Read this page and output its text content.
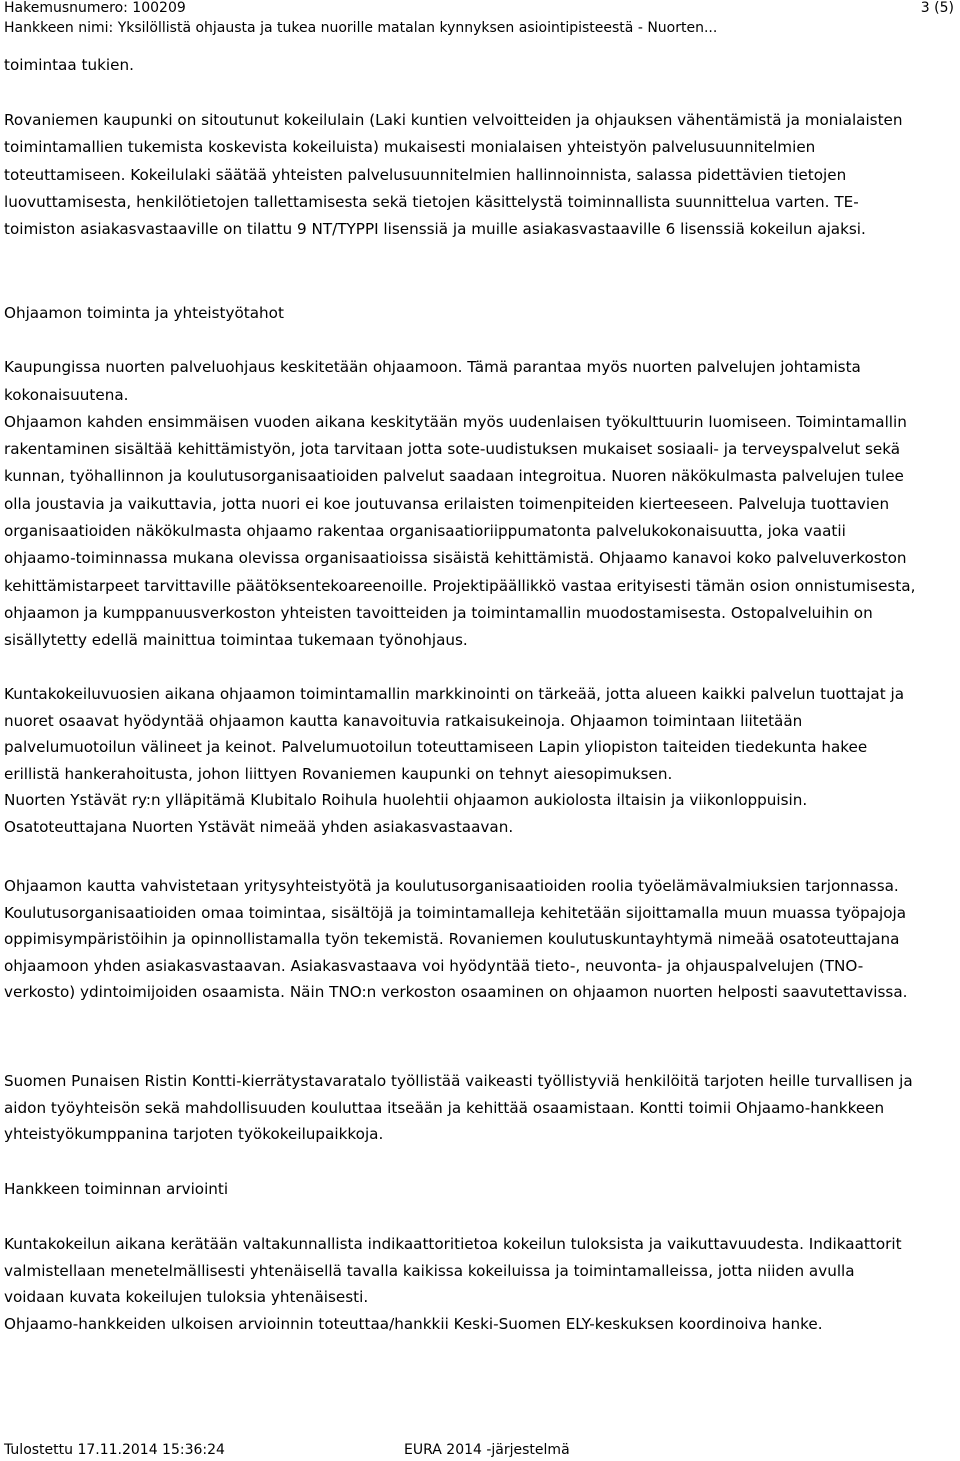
Hakemusnumero: 100209	3 (5)
Hankkeen nimi: Yksilöllistä ohjausta ja tukea nuorille matalan kynnyksen asiointipisteestä - Nuorten...
toimintaa tukien.
Rovaniemen kaupunki on sitoutunut kokeilulain (Laki kuntien velvoitteiden ja ohjauksen vähentämistä ja monialaisten
toimintamallien tukemista koskevista kokeiluista) mukaisesti monialaisen yhteistyön palvelusuunnitelmien
toteuttamiseen. Kokeilulaki säätää yhteisten palvelusuunnitelmien hallinnoinnista, salassa pidettävien tietojen
luovuttamisesta, henkilötietojen tallettamisesta sekä tietojen käsittelystä toiminnallista suunnittelua varten. TE-
toimiston asiakasvastaaville on tilattu 9 NT/TYPPI lisenssiä ja muille asiakasvastaaville 6 lisenssiä kokeilun ajaksi.
Ohjaamon toiminta ja yhteistyötahot
Kaupungissa nuorten palveluohjaus keskitetään ohjaamoon. Tämä parantaa myös nuorten palvelujen johtamista
kokonaisuutena.
Ohjaamon kahden ensimmäisen vuoden aikana keskitytään myös uudenlaisen työkulttuurin luomiseen. Toimintamallin
rakentaminen sisältää kehittämistyön, jota tarvitaan jotta sote-uudistuksen mukaiset sosiaali- ja terveyspalvelut sekä
kunnan, työhallinnon ja koulutusorganisaatioiden palvelut saadaan integroitua. Nuoren näkökulmasta palvelujen tulee
olla joustavia ja vaikuttavia, jotta nuori ei koe joutuvansa erilaisten toimenpiteiden kierteeseen. Palveluja tuottavien
organisaatioiden näkökulmasta ohjaamo rakentaa organisaatioriippumatonta palvelukokonaisuutta, joka vaatii
ohjaamo-toiminnassa mukana olevissa organisaatioissa sisäistä kehittämistä. Ohjaamo kanavoi koko palveluverkoston
kehittämistarpeet tarvittaville päätöksentekoareenoille. Projektipäällikkö vastaa erityisesti tämän osion onnistumisesta,
ohjaamon ja kumppanuusverkoston yhteisten tavoitteiden ja toimintamallin muodostamisesta. Ostopalveluihin on
sisällytetty edellä mainittua toimintaa tukemaan työnohjaus.
Kuntakokeiluvuosien aikana ohjaamon toimintamallin markkinointi on tärkeää, jotta alueen kaikki palvelun tuottajat ja
nuoret osaavat hyödyntää ohjaamon kautta kanavoituvia ratkaisukeinoja. Ohjaamon toimintaan liitetään
palvelumuotoilun välineet ja keinot. Palvelumuotoilun toteuttamiseen Lapin yliopiston taiteiden tiedekunta hakee
erillistä hankerahoitusta, johon liittyen Rovaniemen kaupunki on tehnyt aiesopimuksen.
Nuorten Ystävät ry:n ylläpitämä Klubitalo Roihula huolehtii ohjaamon aukiolosta iltaisin ja viikonloppuisin.
Osatoteuttajana Nuorten Ystävät nimeää yhden asiakasvastaavan.
Ohjaamon kautta vahvistetaan yritysyhteistyötä ja koulutusorganisaatioiden roolia työelämävalmiuksien tarjonnassa.
Koulutusorganisaatioiden omaa toimintaa, sisältöjä ja toimintamalleja kehitetään sijoittamalla muun muassa työpajoja
oppimisympäristöihin ja opinnollistamalla työn tekemistä. Rovaniemen koulutuskuntayhtymä nimeää osatoteuttajana
ohjaamoon yhden asiakasvastaavan. Asiakasvastaava voi hyödyntää tieto-, neuvonta- ja ohjauspalvelujen (TNO-
verkosto) ydintoimijoiden osaamista. Näin TNO:n verkoston osaaminen on ohjaamon nuorten helposti saavutettavissa.
Suomen Punaisen Ristin Kontti-kierrätystavaratalo työllistää vaikeasti työllistyviä henkilöitä tarjoten heille turvallisen ja
aidon työyhteisön sekä mahdollisuuden kouluttaa itseään ja kehittää osaamistaan. Kontti toimii Ohjaamo-hankkeen
yhteistyökumppanina tarjoten työkokeilupaikkoja.
Hankkeen toiminnan arviointi
Kuntakokeilun aikana kerätään valtakunnallista indikaattoritietoa kokeilun tuloksista ja vaikuttavuudesta. Indikaattorit
valmistellaan menetelmällisesti yhtenäisellä tavalla kaikissa kokeiluissa ja toimintamalleissa, jotta niiden avulla
voidaan kuvata kokeilujen tuloksia yhtenäisesti.
Ohjaamo-hankkeiden ulkoisen arvioinnin toteuttaa/hankkii Keski-Suomen ELY-keskuksen koordinoiva hanke.
Tulostettu 17.11.2014 15:36:24	EURA 2014 -järjestelmä
